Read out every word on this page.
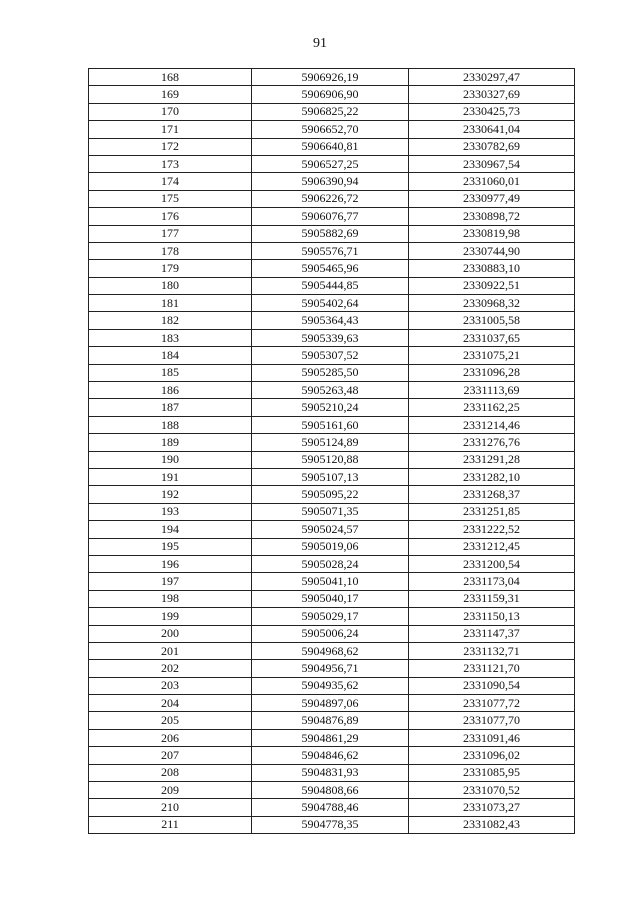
91
168	5906926,19	2330297,47
169	5906906,90	2330327,69
170	5906825,22	2330425,73
171	5906652,70	2330641,04
172	5906640,81	2330782,69
173	5906527,25	2330967,54
174	5906390,94	2331060,01
175	5906226,72	2330977,49
176	5906076,77	2330898,72
177	5905882,69	2330819,98
178	5905576,71	2330744,90
179	5905465,96	2330883,10
180	5905444,85	2330922,51
181	5905402,64	2330968,32
182	5905364,43	2331005,58
183	5905339,63	2331037,65
184	5905307,52	2331075,21
185	5905285,50	2331096,28
186	5905263,48	2331113,69
187	5905210,24	2331162,25
188	5905161,60	2331214,46
189	5905124,89	2331276,76
190	5905120,88	2331291,28
191	5905107,13	2331282,10
192	5905095,22	2331268,37
193	5905071,35	2331251,85
194	5905024,57	2331222,52
195	5905019,06	2331212,45
196	5905028,24	2331200,54
197	5905041,10	2331173,04
198	5905040,17	2331159,31
199	5905029,17	2331150,13
200	5905006,24	2331147,37
201	5904968,62	2331132,71
202	5904956,71	2331121,70
203	5904935,62	2331090,54
204	5904897,06	2331077,72
205	5904876,89	2331077,70
206	5904861,29	2331091,46
207	5904846,62	2331096,02
208	5904831,93	2331085,95
209	5904808,66	2331070,52
210	5904788,46	2331073,27
211	5904778,35	2331082,43
